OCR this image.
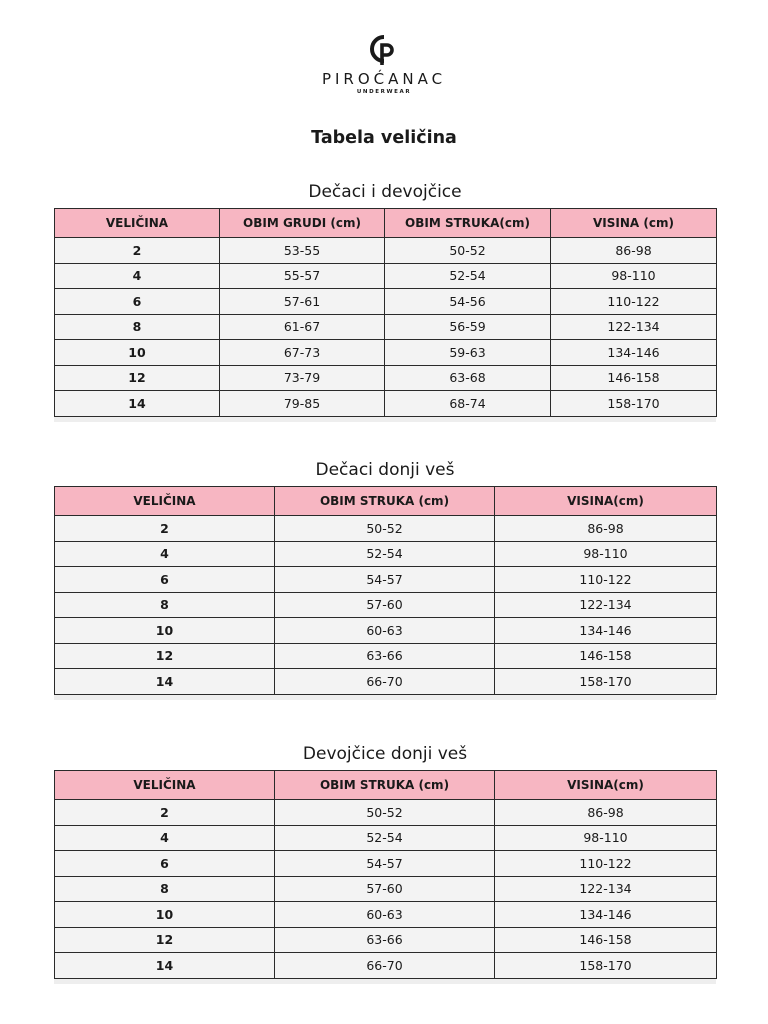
PIROĆANAC
UNDERWEAR
Tabela veličina
Dečaci i devojčice
VELIČINA	OBIM GRUDI (cm)	OBIM STRUKA(cm)	VISINA (cm)
2	53-55	50-52	86-98
4	55-57	52-54	98-110
6	57-61	54-56	110-122
8	61-67	56-59	122-134
10	67-73	59-63	134-146
12	73-79	63-68	146-158
14	79-85	68-74	158-170
Dečaci donji veš
VELIČINA	OBIM STRUKA (cm)	VISINA(cm)
2	50-52	86-98
4	52-54	98-110
6	54-57	110-122
8	57-60	122-134
10	60-63	134-146
12	63-66	146-158
14	66-70	158-170
Devojčice donji veš
VELIČINA	OBIM STRUKA (cm)	VISINA(cm)
2	50-52	86-98
4	52-54	98-110
6	54-57	110-122
8	57-60	122-134
10	60-63	134-146
12	63-66	146-158
14	66-70	158-170
